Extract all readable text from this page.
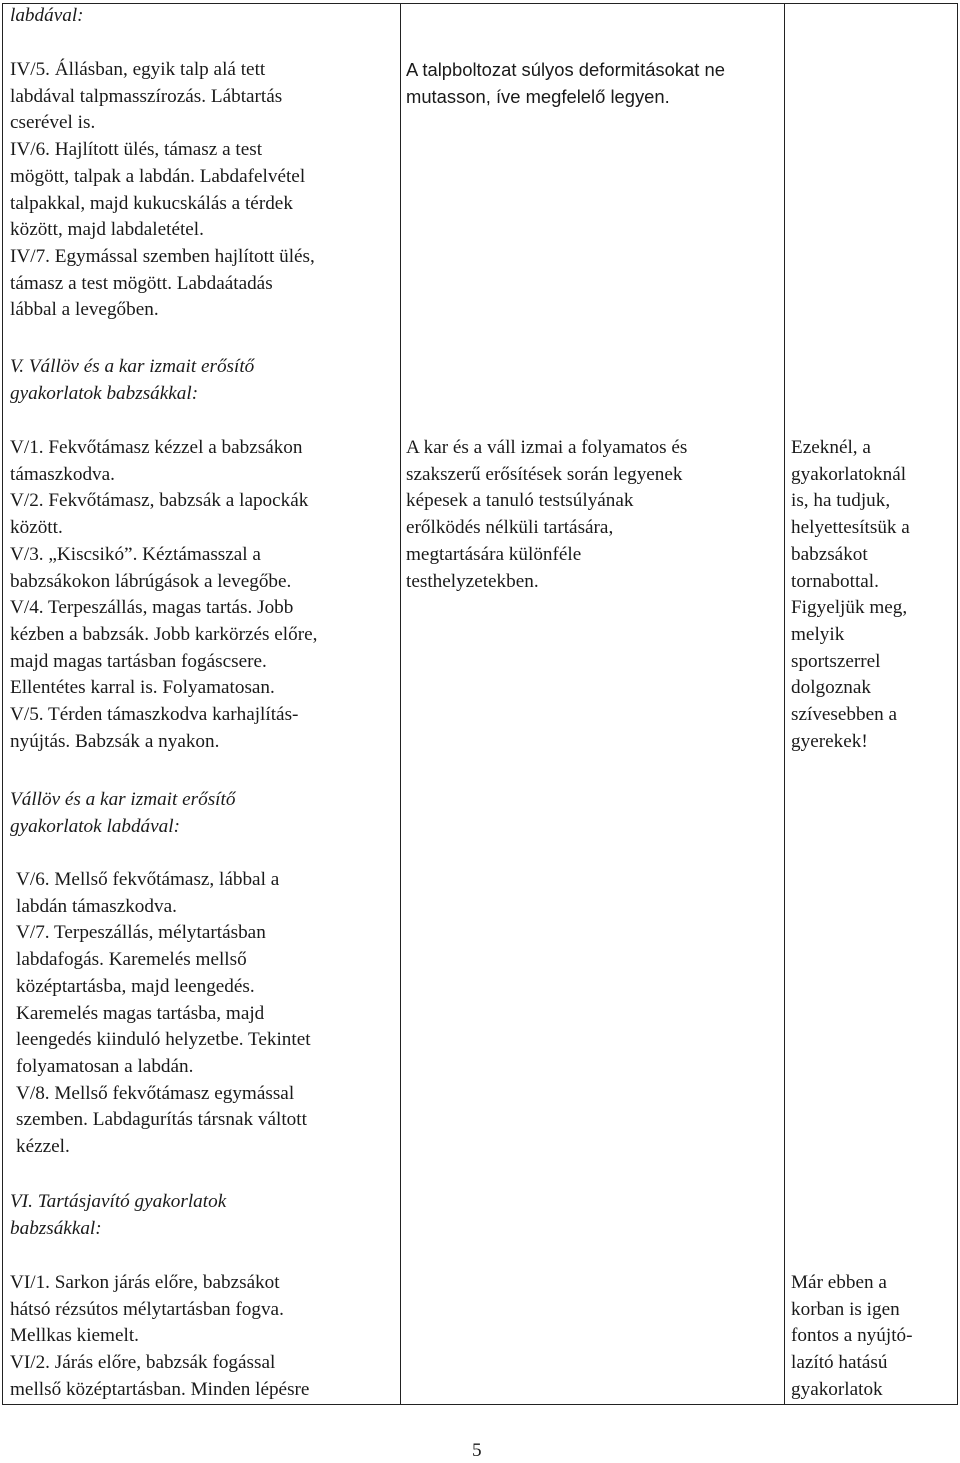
labdával:
IV/5. Állásban, egyik talp alá tett
labdával talpmasszírozás. Lábtartás
cserével is.
IV/6. Hajlított ülés, támasz a test
mögött, talpak a labdán. Labdafelvétel
talpakkal, majd kukucskálás a térdek
között, majd labdaletétel.
IV/7. Egymással szemben hajlított ülés,
támasz a test mögött. Labdaátadás
lábbal a levegőben.
V. Vállöv és a kar izmait erősítő
gyakorlatok babzsákkal:
V/1. Fekvőtámasz kézzel a babzsákon
támaszkodva.
V/2. Fekvőtámasz, babzsák a lapockák
között.
V/3. „Kiscsikó”. Kéztámasszal a
babzsákokon lábrúgások a levegőbe.
V/4. Terpeszállás, magas tartás. Jobb
kézben a babzsák. Jobb karkörzés előre,
majd magas tartásban fogáscsere.
Ellentétes karral is. Folyamatosan.
V/5. Térden támaszkodva karhajlítás-
nyújtás. Babzsák a nyakon.
Vállöv és a kar izmait erősítő
gyakorlatok labdával:
V/6. Mellső fekvőtámasz, lábbal a
labdán támaszkodva.
V/7. Terpeszállás, mélytartásban
labdafogás. Karemelés mellső
középtartásba, majd leengedés.
Karemelés magas tartásba, majd
leengedés kiinduló helyzetbe. Tekintet
folyamatosan a labdán.
V/8. Mellső fekvőtámasz egymással
szemben. Labdagurítás társnak váltott
kézzel.
VI. Tartásjavító gyakorlatok
babzsákkal:
VI/1. Sarkon járás előre, babzsákot
hátsó rézsútos mélytartásban fogva.
Mellkas kiemelt.
VI/2. Járás előre, babzsák fogással
mellső középtartásban. Minden lépésre
A talpboltozat súlyos deformitásokat ne
mutasson, íve megfelelő legyen.
A kar és a váll izmai a folyamatos és
szakszerű erősítések során legyenek
képesek a tanuló testsúlyának
erőlködés nélküli tartására,
megtartására különféle
testhelyzetekben.
Ezeknél, a
gyakorlatoknál
is, ha tudjuk,
helyettesítsük a
babzsákot
tornabottal.
Figyeljük meg,
melyik
sportszerrel
dolgoznak
szívesebben a
gyerekek!
Már ebben a
korban is igen
fontos a nyújtó-
lazító hatású
gyakorlatok
5
